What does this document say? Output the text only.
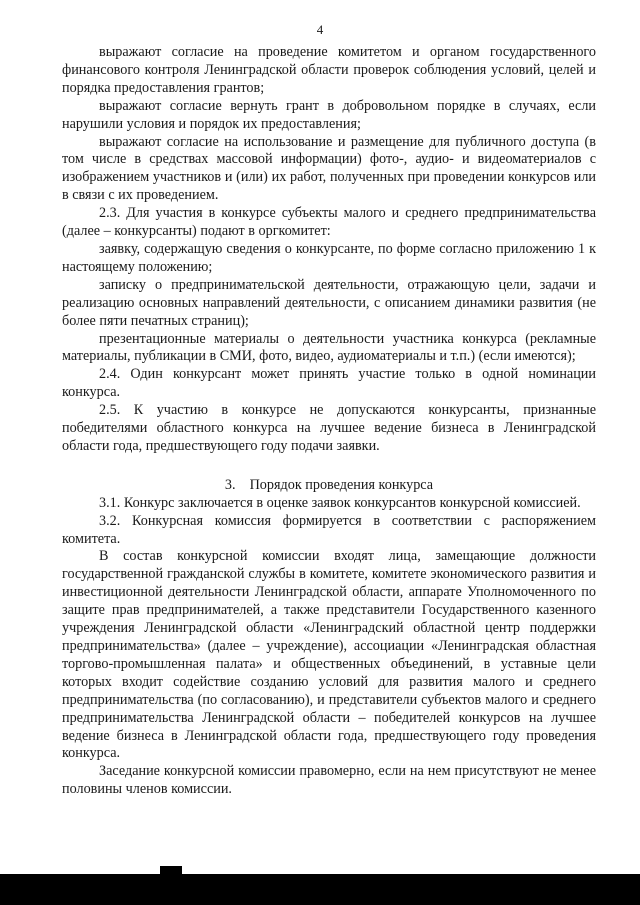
4

выражают согласие на проведение комитетом и органом государственного финансового контроля Ленинградской области проверок соблюдения условий, целей и порядка предоставления грантов;

выражают согласие вернуть грант в добровольном порядке в случаях, если нарушили условия и порядок их предоставления;

выражают согласие на использование и размещение для публичного доступа (в том числе в средствах массовой информации) фото-, аудио- и видеоматериалов с изображением участников и (или) их работ, полученных при проведении конкурсов или в связи с их проведением.

2.3. Для участия в конкурсе субъекты малого и среднего предпринимательства (далее – конкурсанты) подают в оргкомитет:

заявку, содержащую сведения о конкурсанте, по форме согласно приложению 1 к настоящему положению;

записку о предпринимательской деятельности, отражающую цели, задачи и реализацию основных направлений деятельности, с описанием динамики развития (не более пяти печатных страниц);

презентационные материалы о деятельности участника конкурса (рекламные материалы, публикации в СМИ, фото, видео, аудиоматериалы и т.п.) (если имеются);

2.4. Один конкурсант может принять участие только в одной номинации конкурса.

2.5. К участию в конкурсе не допускаются конкурсанты, признанные победителями областного конкурса на лучшее ведение бизнеса в Ленинградской области года, предшествующего году подачи заявки.

3. Порядок проведения конкурса

3.1. Конкурс заключается в оценке заявок конкурсантов конкурсной комиссией.

3.2. Конкурсная комиссия формируется в соответствии с распоряжением комитета.

В состав конкурсной комиссии входят лица, замещающие должности государственной гражданской службы в комитете, комитете экономического развития и инвестиционной деятельности Ленинградской области, аппарате Уполномоченного по защите прав предпринимателей, а также представители Государственного казенного учреждения Ленинградской области «Ленинградский областной центр поддержки предпринимательства» (далее – учреждение), ассоциации «Ленинградская областная торгово-промышленная палата» и общественных объединений, в уставные цели которых входит содействие созданию условий для развития малого и среднего предпринимательства (по согласованию), и представители субъектов малого и среднего предпринимательства Ленинградской области – победителей конкурсов на лучшее ведение бизнеса в Ленинградской области года, предшествующего году проведения конкурса.

Заседание конкурсной комиссии правомерно, если на нем присутствуют не менее половины членов комиссии.
